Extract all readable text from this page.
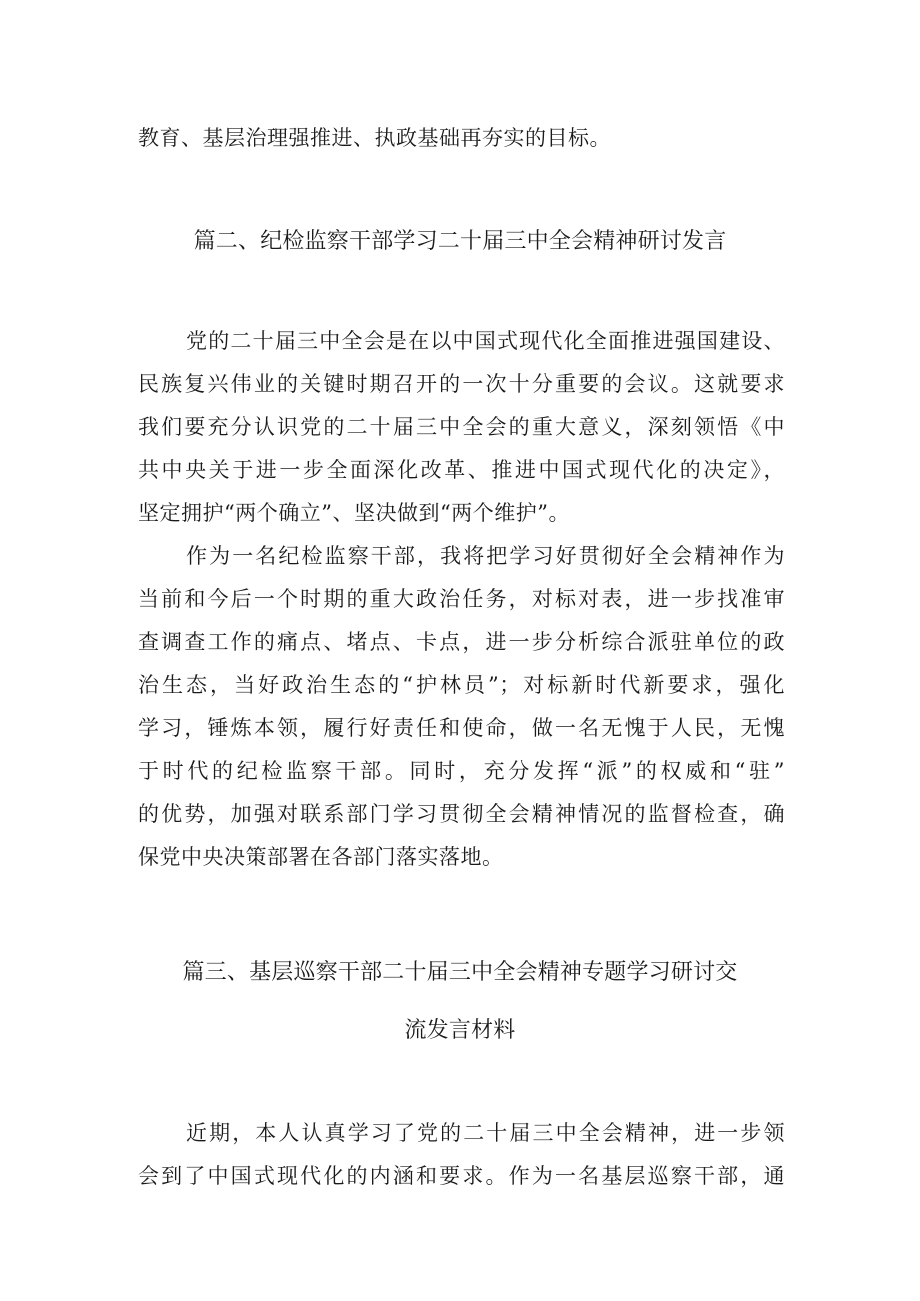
教育、基层治理强推进、执政基础再夯实的目标。
篇二、纪检监察干部学习二十届三中全会精神研讨发言
党的二十届三中全会是在以中国式现代化全面推进强国建设、
民族复兴伟业的关键时期召开的一次十分重要的会议。这就要求
我们要充分认识党的二十届三中全会的重大意义，深刻领悟《中
共中央关于进一步全面深化改革、推进中国式现代化的决定》，
坚定拥护“两个确立”、坚决做到“两个维护”。
作为一名纪检监察干部，我将把学习好贯彻好全会精神作为
当前和今后一个时期的重大政治任务，对标对表，进一步找准审
查调查工作的痛点、堵点、卡点，进一步分析综合派驻单位的政
治生态，当好政治生态的“护林员”；对标新时代新要求，强化
学习，锤炼本领，履行好责任和使命，做一名无愧于人民，无愧
于时代的纪检监察干部。同时，充分发挥“派”的权威和“驻”
的优势，加强对联系部门学习贯彻全会精神情况的监督检查，确
保党中央决策部署在各部门落实落地。
篇三、基层巡察干部二十届三中全会精神专题学习研讨交
流发言材料
近期，本人认真学习了党的二十届三中全会精神，进一步领
会到了中国式现代化的内涵和要求。作为一名基层巡察干部，通
